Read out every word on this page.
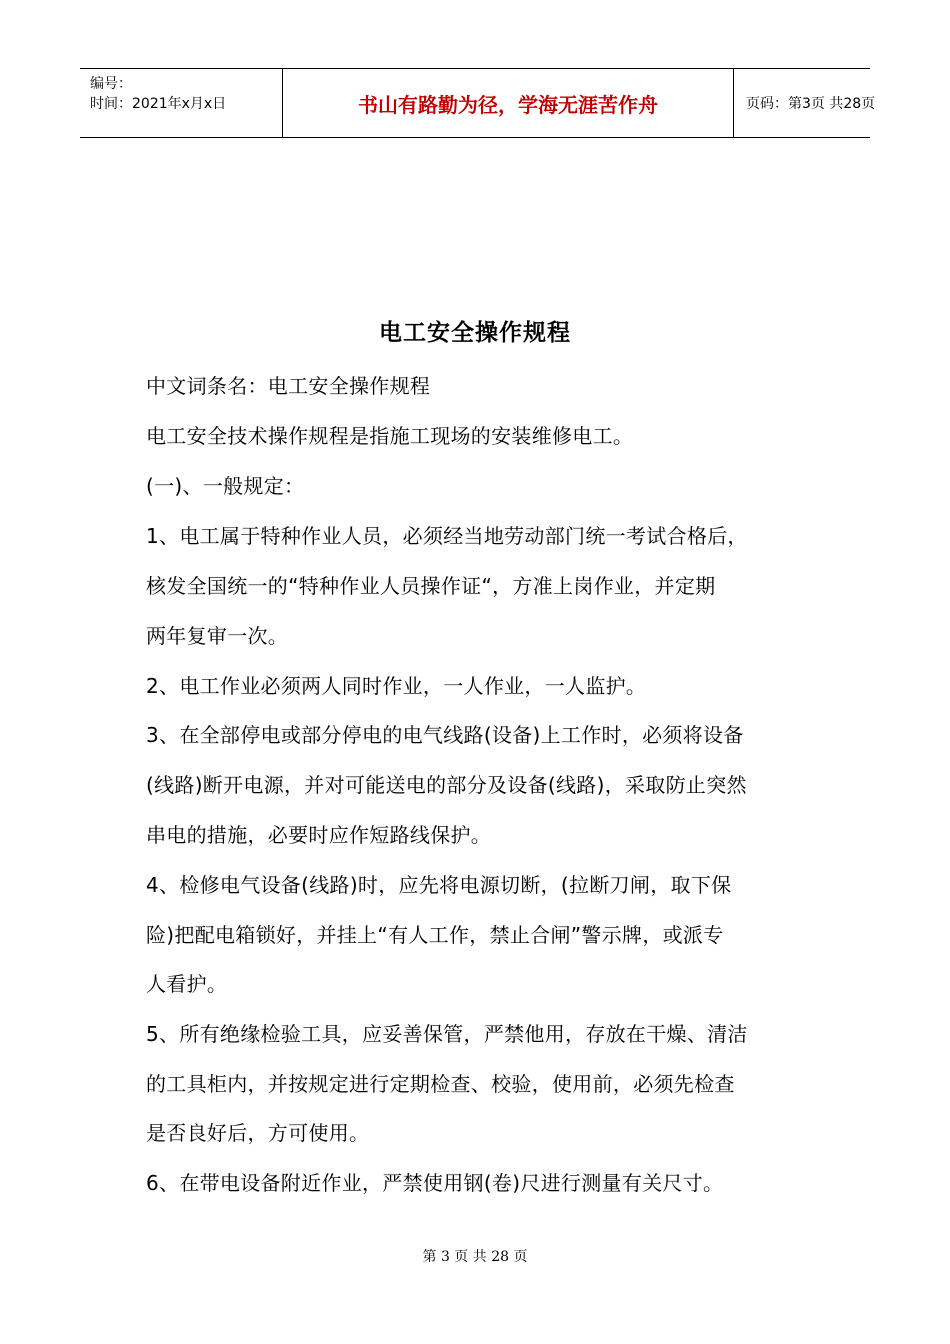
编号：
时间：2021年x月x日	书山有路勤为径，学海无涯苦作舟	页码：第3页 共28页
电工安全操作规程
中文词条名：电工安全操作规程
电工安全技术操作规程是指施工现场的安装维修电工。
(一)、一般规定：
1、电工属于特种作业人员，必须经当地劳动部门统一考试合格后，
核发全国统一的“特种作业人员操作证“，方准上岗作业，并定期
两年复审一次。
2、电工作业必须两人同时作业，一人作业，一人监护。
3、在全部停电或部分停电的电气线路(设备)上工作时，必须将设备
(线路)断开电源，并对可能送电的部分及设备(线路)，采取防止突然
串电的措施，必要时应作短路线保护。
4、检修电气设备(线路)时，应先将电源切断，(拉断刀闸，取下保
险)把配电箱锁好，并挂上“有人工作，禁止合闸”警示牌，或派专
人看护。
5、所有绝缘检验工具，应妥善保管，严禁他用，存放在干燥、清洁
的工具柜内，并按规定进行定期检查、校验，使用前，必须先检查
是否良好后，方可使用。
6、在带电设备附近作业，严禁使用钢(卷)尺进行测量有关尺寸。
第 3 页 共 28 页
